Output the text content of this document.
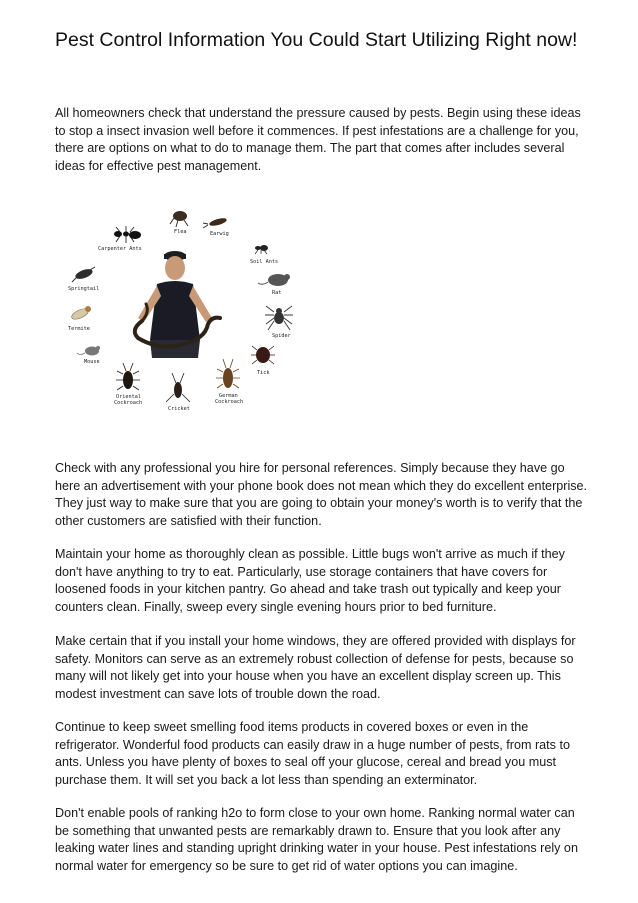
Pest Control Information You Could Start Utilizing Right now!

All homeowners check that understand the pressure caused by pests. Begin using these ideas to stop a insect invasion well before it commences. If pest infestations are a challenge for you, there are options on what to do to manage them. The part that comes after includes several ideas for effective pest management.

Flea	Earwig
Carpenter Ants
Soil Ants
Springtail
Rat
Termite
Spider
Mouse
Tick
Oriental
Cockroach
Cricket
German
Cockroach

Check with any professional you hire for personal references. Simply because they have go here an advertisement with your phone book does not mean which they do excellent enterprise. They just way to make sure that you are going to obtain your money's worth is to verify that the other customers are satisfied with their function.

Maintain your home as thoroughly clean as possible. Little bugs won't arrive as much if they don't have anything to try to eat. Particularly, use storage containers that have covers for loosened foods in your kitchen pantry. Go ahead and take trash out typically and keep your counters clean. Finally, sweep every single evening hours prior to bed furniture.

Make certain that if you install your home windows, they are offered provided with displays for safety. Monitors can serve as an extremely robust collection of defense for pests, because so many will not likely get into your house when you have an excellent display screen up. This modest investment can save lots of trouble down the road.

Continue to keep sweet smelling food items products in covered boxes or even in the refrigerator. Wonderful food products can easily draw in a huge number of pests, from rats to ants. Unless you have plenty of boxes to seal off your glucose, cereal and bread you must purchase them. It will set you back a lot less than spending an exterminator.

Don't enable pools of ranking h2o to form close to your own home. Ranking normal water can be something that unwanted pests are remarkably drawn to. Ensure that you look after any leaking water lines and standing upright drinking water in your house. Pest infestations rely on normal water for emergency so be sure to get rid of water options you can imagine.
